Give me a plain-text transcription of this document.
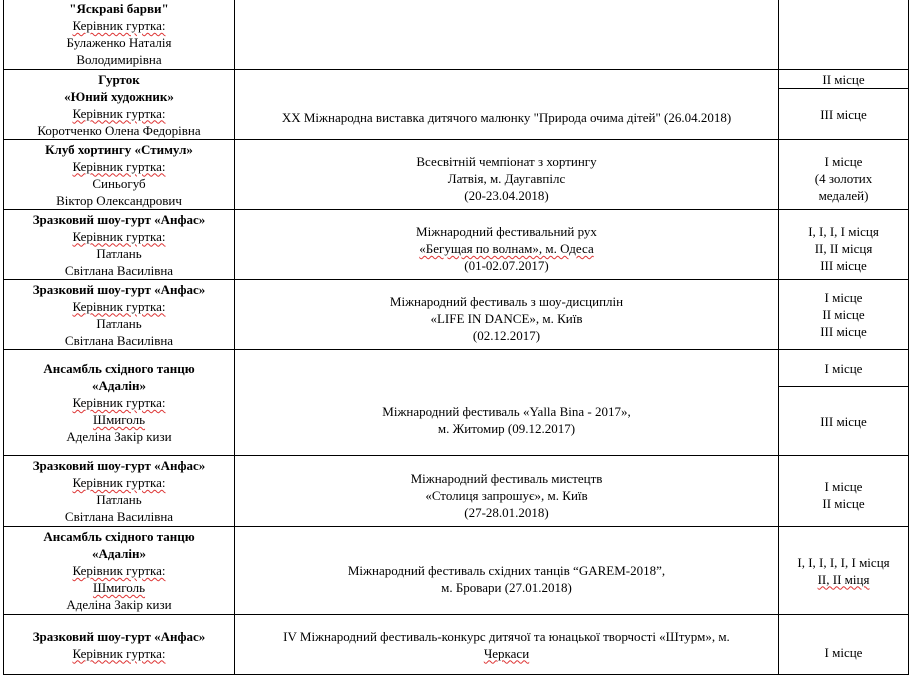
"Яскраві барви"
Керівник гуртка:
Булаженко Наталія
Володимирівна		

Гурток
«Юний художник»
Керівник гуртка:
Коротченко Олена Федорівна	XX Міжнародна виставка дитячого малюнку "Природа очима дітей" (26.04.2018)	II місце

		III місце

Клуб хортингу «Стимул»
Керівник гуртка:
Синьогуб
Віктор Олександрович	Всесвітній чемпіонат з хортингу
Латвія, м. Даугавпілс
(20-23.04.2018)	I місце
(4 золотих
медалей)

Зразковий шоу-гурт «Анфас»
Керівник гуртка:
Патлань
Світлана Василівна	Міжнародний фестивальний рух
«Бегущая по волнам», м. Одеса
(01-02.07.2017)	I, I, I, I місця
II, II місця
III місце

Зразковий шоу-гурт «Анфас»
Керівник гуртка:
Патлань
Світлана Василівна	Міжнародний фестиваль з шоу-дисциплін
«LIFE IN DANCE», м. Київ
(02.12.2017)	I місце
II місце
III місце

Ансамбль східного танцю
«Адалін»
Керівник гуртка:
Шмиголь
Аделіна Закір кизи	Міжнародний фестиваль «Yalla Bina - 2017»,
м. Житомир (09.12.2017)	I місце

		III місце

Зразковий шоу-гурт «Анфас»
Керівник гуртка:
Патлань
Світлана Василівна	Міжнародний фестиваль мистецтв
«Столиця запрошує», м. Київ
(27-28.01.2018)	I місце
II місце

Ансамбль східного танцю
«Адалін»
Керівник гуртка:
Шмиголь
Аделіна Закір кизи	Міжнародний фестиваль східних танців “GAREM-2018”,
м. Бровари (27.01.2018)	I, I, I, I, I, I місця
II, II міця

Зразковий шоу-гурт «Анфас»
Керівник гуртка:	IV Міжнародний фестиваль-конкурс дитячої та юнацької творчості «Штурм», м.
Черкаси	I місце
